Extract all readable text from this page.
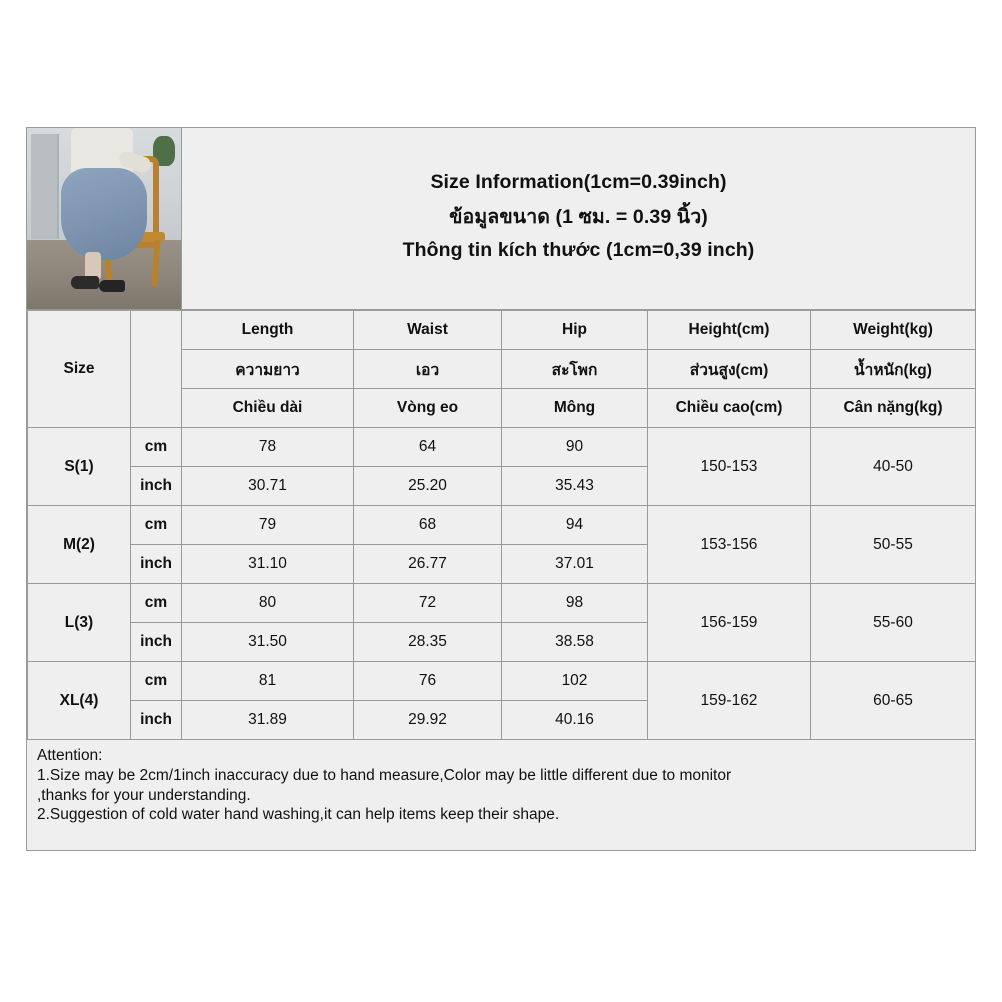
Size Information(1cm=0.39inch)
ข้อมูลขนาด (1 ซม. = 0.39 นิ้ว)
Thông tin kích thước (1cm=0,39 inch)
Size		Length	Waist	Hip	Height(cm)	Weight(kg)
		ความยาว	เอว	สะโพก	ส่วนสูง(cm)	น้ำหนัก(kg)
		Chiều dài	Vòng eo	Mông	Chiều cao(cm)	Cân nặng(kg)
S(1)	cm	78	64	90	150-153	40-50
	inch	30.71	25.20	35.43		
M(2)	cm	79	68	94	153-156	50-55
	inch	31.10	26.77	37.01		
L(3)	cm	80	72	98	156-159	55-60
	inch	31.50	28.35	38.58		
XL(4)	cm	81	76	102	159-162	60-65
	inch	31.89	29.92	40.16		
Attention:
1.Size may be 2cm/1inch inaccuracy due to hand measure,Color may be little different due to monitor
,thanks for your understanding.
2.Suggestion of cold water hand washing,it can help items keep their shape.
